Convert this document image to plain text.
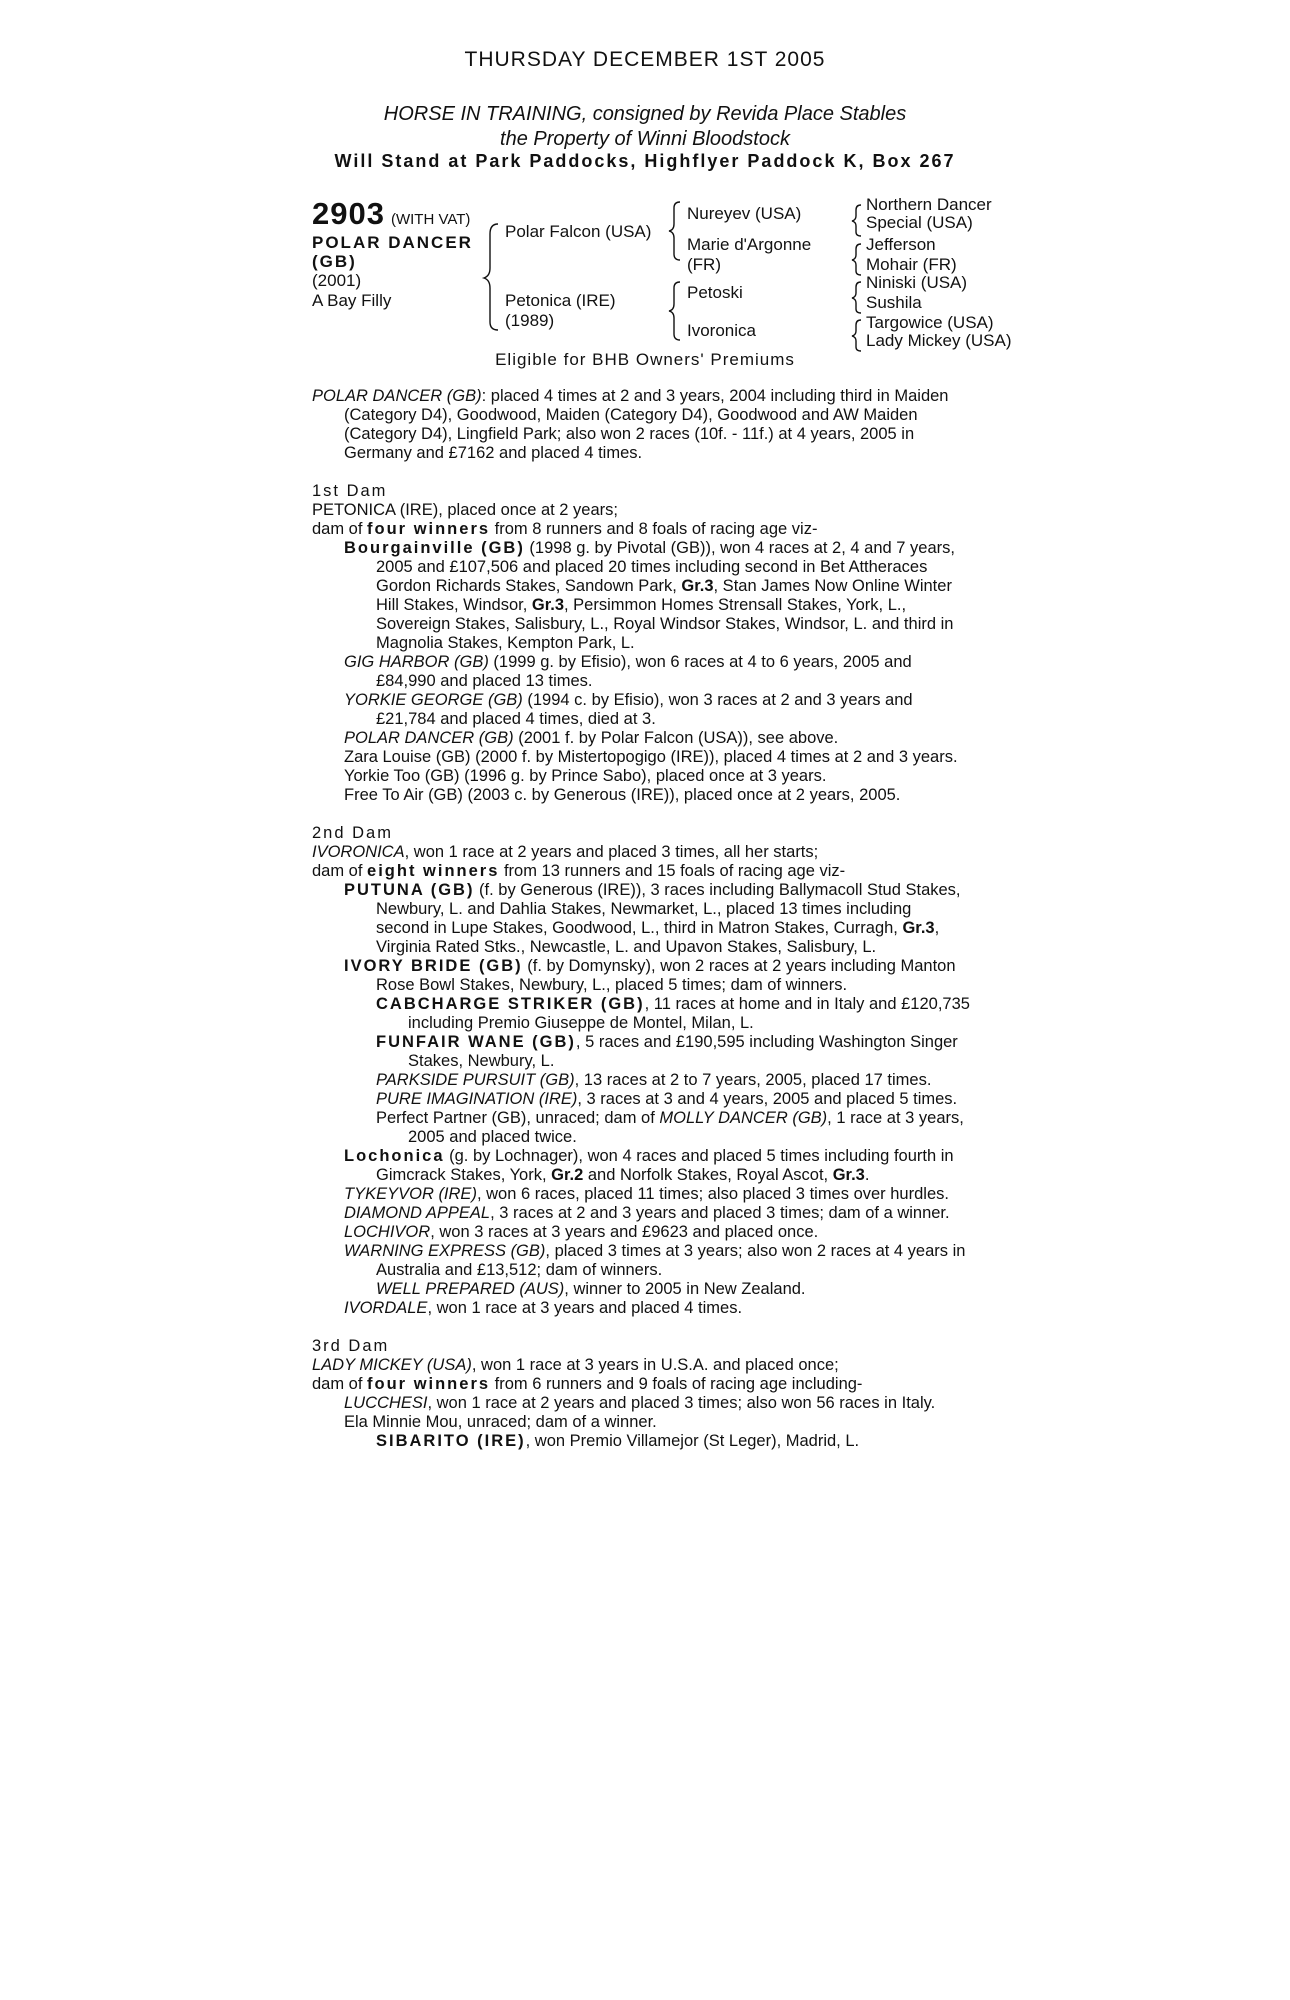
THURSDAY DECEMBER 1ST 2005
HORSE IN TRAINING, consigned by Revida Place Stables
the Property of Winni Bloodstock
Will Stand at Park Paddocks, Highflyer Paddock K, Box 267
2903 (WITH VAT)
POLAR DANCER
(GB)
(2001)
A Bay Filly
Polar Falcon (USA)
Petonica (IRE)
(1989)
Nureyev (USA)
Marie d'Argonne
(FR)
Petoski
Ivoronica
Northern Dancer
Special (USA)
Jefferson
Mohair (FR)
Niniski (USA)
Sushila
Targowice (USA)
Lady Mickey (USA)
Eligible for BHB Owners' Premiums
POLAR DANCER (GB): placed 4 times at 2 and 3 years, 2004 including third in Maiden
(Category D4), Goodwood, Maiden (Category D4), Goodwood and AW Maiden
(Category D4), Lingfield Park; also won 2 races (10f. - 11f.) at 4 years, 2005 in
Germany and £7162 and placed 4 times.
1st Dam
PETONICA (IRE), placed once at 2 years;
dam of four winners from 8 runners and 8 foals of racing age viz-
Bourgainville (GB) (1998 g. by Pivotal (GB)), won 4 races at 2, 4 and 7 years,
2005 and £107,506 and placed 20 times including second in Bet Attheraces
Gordon Richards Stakes, Sandown Park, Gr.3, Stan James Now Online Winter
Hill Stakes, Windsor, Gr.3, Persimmon Homes Strensall Stakes, York, L.,
Sovereign Stakes, Salisbury, L., Royal Windsor Stakes, Windsor, L. and third in
Magnolia Stakes, Kempton Park, L.
GIG HARBOR (GB) (1999 g. by Efisio), won 6 races at 4 to 6 years, 2005 and
£84,990 and placed 13 times.
YORKIE GEORGE (GB) (1994 c. by Efisio), won 3 races at 2 and 3 years and
£21,784 and placed 4 times, died at 3.
POLAR DANCER (GB) (2001 f. by Polar Falcon (USA)), see above.
Zara Louise (GB) (2000 f. by Mistertopogigo (IRE)), placed 4 times at 2 and 3 years.
Yorkie Too (GB) (1996 g. by Prince Sabo), placed once at 3 years.
Free To Air (GB) (2003 c. by Generous (IRE)), placed once at 2 years, 2005.
2nd Dam
IVORONICA, won 1 race at 2 years and placed 3 times, all her starts;
dam of eight winners from 13 runners and 15 foals of racing age viz-
PUTUNA (GB) (f. by Generous (IRE)), 3 races including Ballymacoll Stud Stakes,
Newbury, L. and Dahlia Stakes, Newmarket, L., placed 13 times including
second in Lupe Stakes, Goodwood, L., third in Matron Stakes, Curragh, Gr.3,
Virginia Rated Stks., Newcastle, L. and Upavon Stakes, Salisbury, L.
IVORY BRIDE (GB) (f. by Domynsky), won 2 races at 2 years including Manton
Rose Bowl Stakes, Newbury, L., placed 5 times; dam of winners.
CABCHARGE STRIKER (GB), 11 races at home and in Italy and £120,735
including Premio Giuseppe de Montel, Milan, L.
FUNFAIR WANE (GB), 5 races and £190,595 including Washington Singer
Stakes, Newbury, L.
PARKSIDE PURSUIT (GB), 13 races at 2 to 7 years, 2005, placed 17 times.
PURE IMAGINATION (IRE), 3 races at 3 and 4 years, 2005 and placed 5 times.
Perfect Partner (GB), unraced; dam of MOLLY DANCER (GB), 1 race at 3 years,
2005 and placed twice.
Lochonica (g. by Lochnager), won 4 races and placed 5 times including fourth in
Gimcrack Stakes, York, Gr.2 and Norfolk Stakes, Royal Ascot, Gr.3.
TYKEYVOR (IRE), won 6 races, placed 11 times; also placed 3 times over hurdles.
DIAMOND APPEAL, 3 races at 2 and 3 years and placed 3 times; dam of a winner.
LOCHIVOR, won 3 races at 3 years and £9623 and placed once.
WARNING EXPRESS (GB), placed 3 times at 3 years; also won 2 races at 4 years in
Australia and £13,512; dam of winners.
WELL PREPARED (AUS), winner to 2005 in New Zealand.
IVORDALE, won 1 race at 3 years and placed 4 times.
3rd Dam
LADY MICKEY (USA), won 1 race at 3 years in U.S.A. and placed once;
dam of four winners from 6 runners and 9 foals of racing age including-
LUCCHESI, won 1 race at 2 years and placed 3 times; also won 56 races in Italy.
Ela Minnie Mou, unraced; dam of a winner.
SIBARITO (IRE), won Premio Villamejor (St Leger), Madrid, L.
